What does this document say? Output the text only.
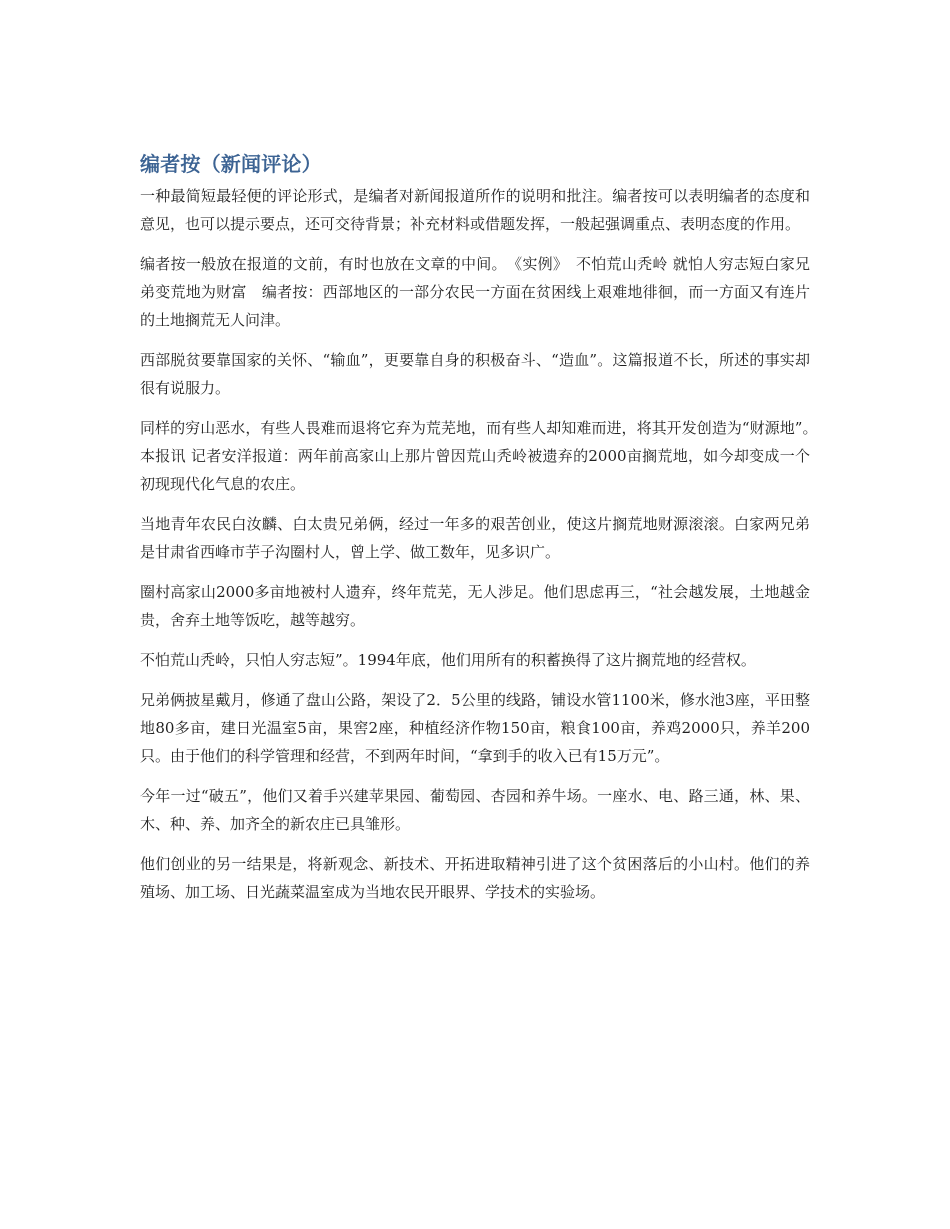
编者按（新闻评论）

一种最简短最轻便的评论形式，是编者对新闻报道所作的说明和批注。编者按可以表明编者的态度和意见，也可以提示要点，还可交待背景；补充材料或借题发挥，一般起强调重点、表明态度的作用。

编者按一般放在报道的文前，有时也放在文章的中间。　《实例》　不怕荒山秃岭 就怕人穷志短白家兄弟变荒地为财富　编者按：西部地区的一部分农民一方面在贫困线上艰难地徘徊，而一方面又有连片的土地搁荒无人问津。

西部脱贫要靠国家的关怀、“输血”，更要靠自身的积极奋斗、“造血”。这篇报道不长，所述的事实却很有说服力。

同样的穷山恶水，有些人畏难而退将它弃为荒芜地，而有些人却知难而进，将其开发创造为“财源地”。　本报讯 记者安洋报道：两年前高家山上那片曾因荒山秃岭被遗弃的2000亩搁荒地，如今却变成一个初现现代化气息的农庄。

当地青年农民白汝麟、白太贵兄弟俩，经过一年多的艰苦创业，使这片搁荒地财源滚滚。白家两兄弟是甘肃省西峰市芋子沟圈村人，曾上学、做工数年，见多识广。

圈村高家山2000多亩地被村人遗弃，终年荒芜，无人涉足。他们思虑再三，“社会越发展，土地越金贵，舍弃土地等饭吃，越等越穷。

不怕荒山秃岭，只怕人穷志短”。1994年底，他们用所有的积蓄换得了这片搁荒地的经营权。

兄弟俩披星戴月，修通了盘山公路，架设了2．5公里的线路，铺设水管1100米，修水池3座，平田整地80多亩，建日光温室5亩，果窖2座，种植经济作物150亩，粮食100亩，养鸡2000只，养羊200只。由于他们的科学管理和经营，不到两年时间，“拿到手的收入已有15万元”。

今年一过“破五”，他们又着手兴建苹果园、葡萄园、杏园和养牛场。一座水、电、路三通，林、果、木、种、养、加齐全的新农庄已具雏形。

他们创业的另一结果是，将新观念、新技术、开拓进取精神引进了这个贫困落后的小山村。他们的养殖场、加工场、日光蔬菜温室成为当地农民开眼界、学技术的实验场。
